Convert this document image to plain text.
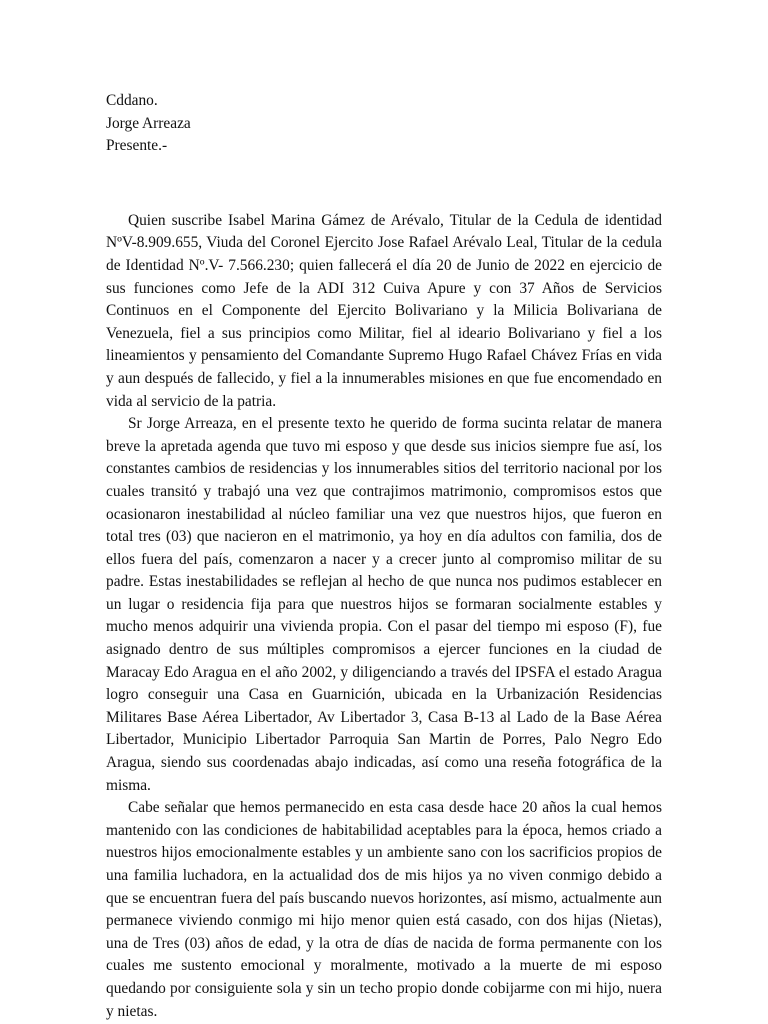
Cddano.
Jorge Arreaza
Presente.-

Quien suscribe Isabel Marina Gámez de Arévalo, Titular de la Cedula de identidad NºV-8.909.655, Viuda del Coronel Ejercito Jose Rafael Arévalo Leal, Titular de la cedula de Identidad Nº.V- 7.566.230; quien fallecerá el día 20 de Junio de 2022 en ejercicio de sus funciones como Jefe de la ADI 312 Cuiva Apure y con 37 Años de Servicios Continuos en el Componente del Ejercito Bolivariano y la Milicia Bolivariana de Venezuela, fiel a sus principios como Militar, fiel al ideario Bolivariano y fiel a los lineamientos y pensamiento del Comandante Supremo Hugo Rafael Chávez Frías en vida y aun después de fallecido, y fiel a la innumerables misiones en que fue encomendado en vida al servicio de la patria.

Sr Jorge Arreaza, en el presente texto he querido de forma sucinta relatar de manera breve la apretada agenda que tuvo mi esposo y que desde sus inicios siempre fue así, los constantes cambios de residencias y los innumerables sitios del territorio nacional por los cuales transitó y trabajó una vez que contrajimos matrimonio, compromisos estos que ocasionaron inestabilidad al núcleo familiar una vez que nuestros hijos, que fueron en total tres (03) que nacieron en el matrimonio, ya hoy en día adultos con familia, dos de ellos fuera del país, comenzaron a nacer y a crecer junto al compromiso militar de su padre. Estas inestabilidades se reflejan al hecho de que nunca nos pudimos establecer en un lugar o residencia fija para que nuestros hijos se formaran socialmente estables y mucho menos adquirir una vivienda propia. Con el pasar del tiempo mi esposo (F), fue asignado dentro de sus múltiples compromisos a ejercer funciones en la ciudad de Maracay Edo Aragua en el año 2002, y diligenciando a través del IPSFA el estado Aragua logro conseguir una Casa en Guarnición, ubicada en la Urbanización Residencias Militares Base Aérea Libertador, Av Libertador 3, Casa B-13 al Lado de la Base Aérea Libertador, Municipio Libertador Parroquia San Martin de Porres, Palo Negro Edo Aragua, siendo sus coordenadas abajo indicadas, así como una reseña fotográfica de la misma.

Cabe señalar que hemos permanecido en esta casa desde hace 20 años la cual hemos mantenido con las condiciones de habitabilidad aceptables para la época, hemos criado a nuestros hijos emocionalmente estables y un ambiente sano con los sacrificios propios de una familia luchadora, en la actualidad dos de mis hijos ya no viven conmigo debido a que se encuentran fuera del país buscando nuevos horizontes, así mismo, actualmente aun permanece viviendo conmigo mi hijo menor quien está casado, con dos hijas (Nietas), una de Tres (03) años de edad, y la otra de días de nacida de forma permanente con los cuales me sustento emocional y moralmente, motivado a la muerte de mi esposo quedando por consiguiente sola y sin un techo propio donde cobijarme con mi hijo, nuera y nietas.
